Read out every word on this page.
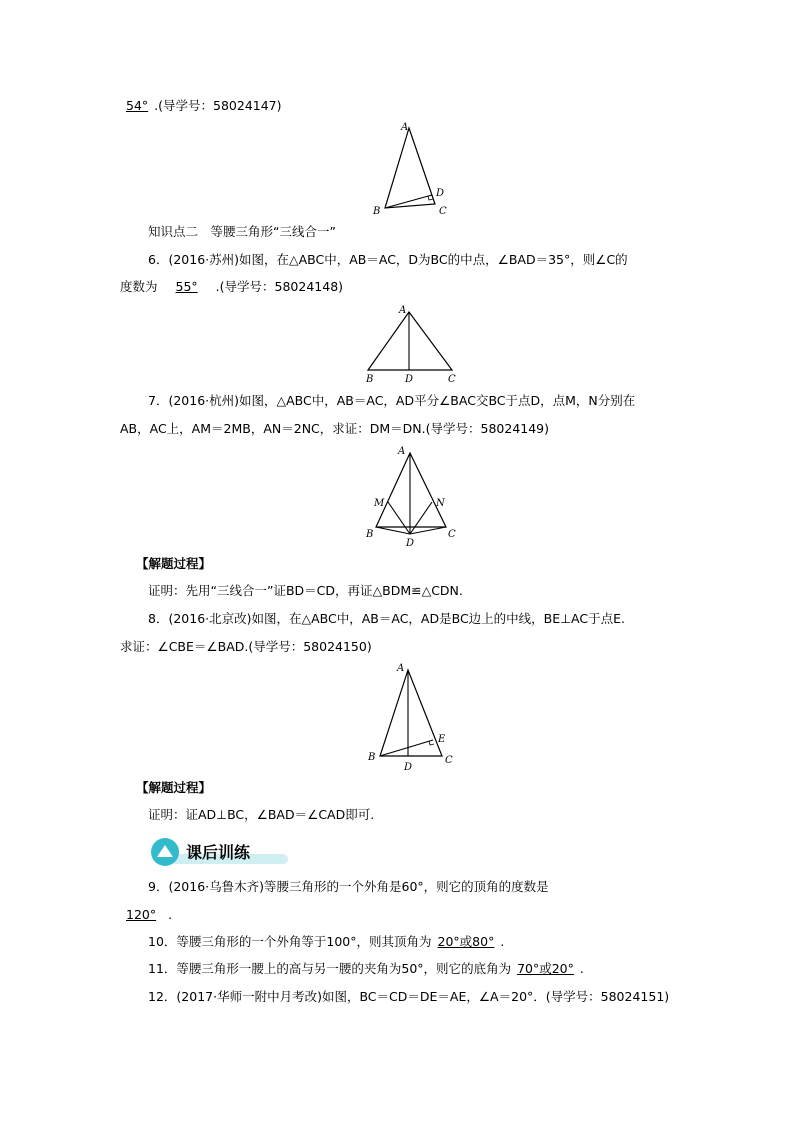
54° .(导学号：58024147)
A
B	C
D
知识点二　等腰三角形“三线合一”
6．(2016·苏州)如图，在△ABC中，AB＝AC，D为BC的中点，∠BAD＝35°，则∠C的
度数为 55° .(导学号：58024148)
A
B	D	C
7．(2016·杭州)如图，△ABC中，AB＝AC，AD平分∠BAC交BC于点D，点M，N分别在
AB，AC上，AM＝2MB，AN＝2NC，求证：DM＝DN.(导学号：58024149)
A
M	N
B
D
C
【解题过程】
证明：先用“三线合一”证BD＝CD，再证△BDM≌△CDN.
8．(2016·北京改)如图，在△ABC中，AB＝AC，AD是BC边上的中线，BE⊥AC于点E.
求证：∠CBE＝∠BAD.(导学号：58024150)
A
E
B
D
C
【解题过程】
证明：证AD⊥BC，∠BAD＝∠CAD即可.
课后训练
9．(2016·乌鲁木齐)等腰三角形的一个外角是60°，则它的顶角的度数是
120° .
10．等腰三角形的一个外角等于100°，则其顶角为 20°或80° .
11．等腰三角形一腰上的高与另一腰的夹角为50°，则它的底角为 70°或20° .
12．(2017·华师一附中月考改)如图，BC＝CD＝DE＝AE，∠A＝20°．(导学号：58024151)
